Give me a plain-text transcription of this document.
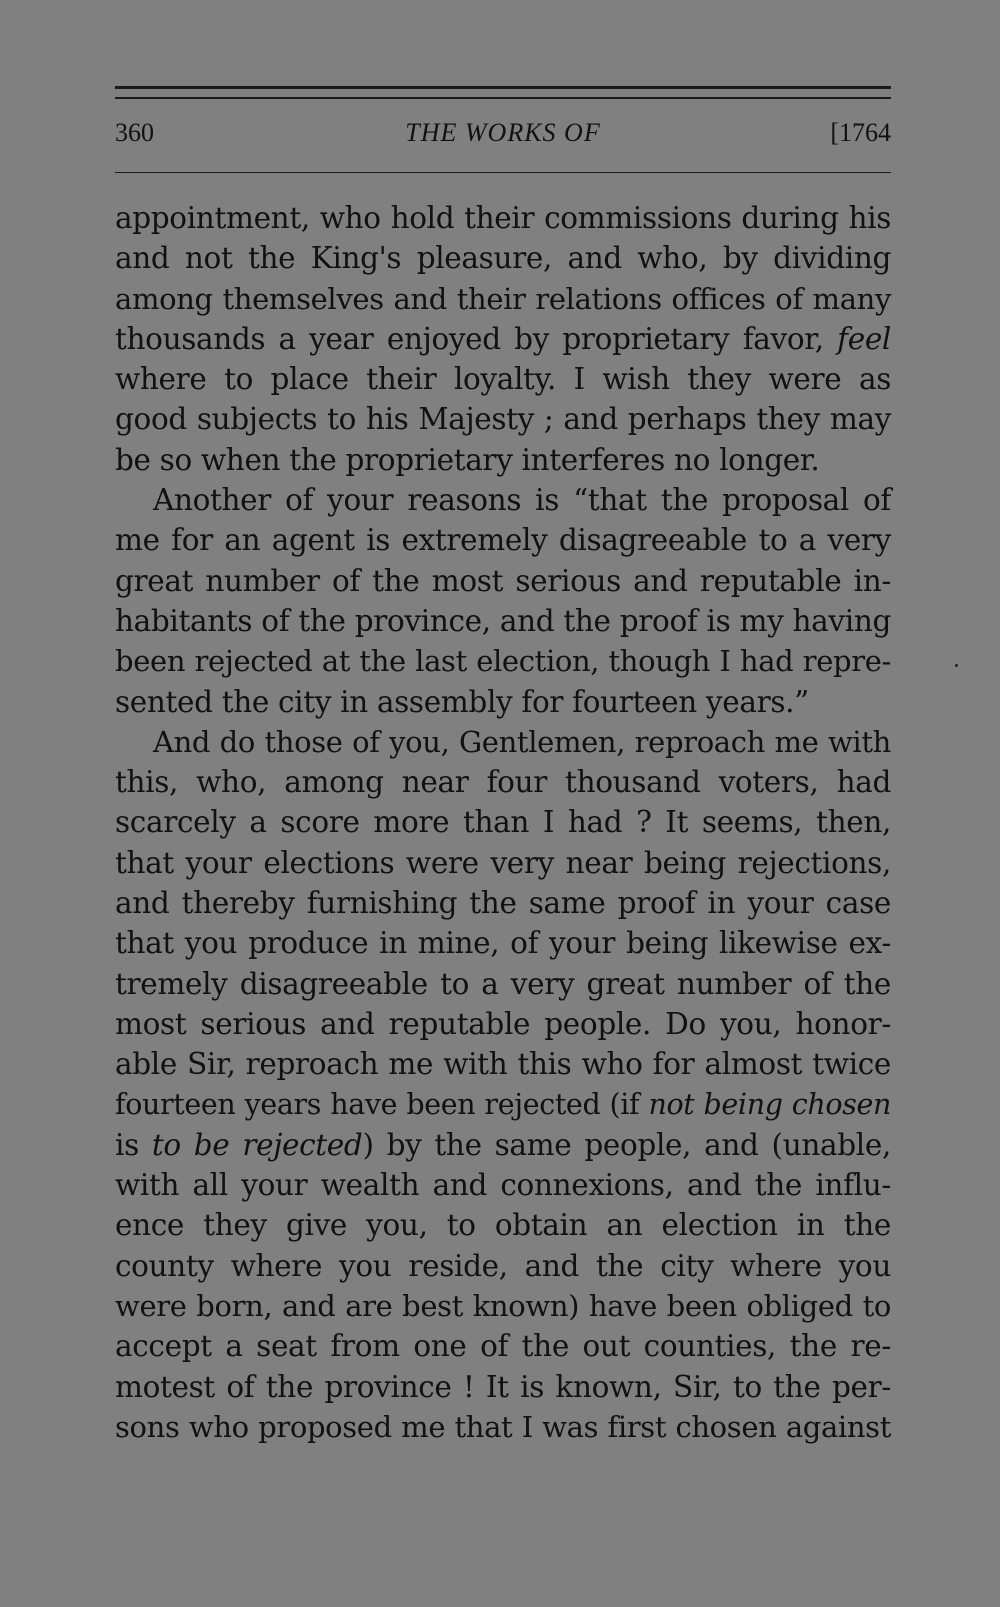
360	THE WORKS OF	[1764
appointment, who hold their commissions during his
and not the King's pleasure, and who, by dividing
among themselves and their relations offices of many
thousands a year enjoyed by proprietary favor, feel
where to place their loyalty. I wish they were as
good subjects to his Majesty ; and perhaps they may
be so when the proprietary interferes no longer.
Another of your reasons is “that the proposal of
me for an agent is extremely disagreeable to a very
great number of the most serious and reputable in-
habitants of the province, and the proof is my having
been rejected at the last election, though I had repre-
sented the city in assembly for fourteen years.”
And do those of you, Gentlemen, reproach me with
this, who, among near four thousand voters, had
scarcely a score more than I had ? It seems, then,
that your elections were very near being rejections,
and thereby furnishing the same proof in your case
that you produce in mine, of your being likewise ex-
tremely disagreeable to a very great number of the
most serious and reputable people. Do you, honor-
able Sir, reproach me with this who for almost twice
fourteen years have been rejected (if not being chosen
is to be rejected) by the same people, and (unable,
with all your wealth and connexions, and the influ-
ence they give you, to obtain an election in the
county where you reside, and the city where you
were born, and are best known) have been obliged to
accept a seat from one of the out counties, the re-
motest of the province ! It is known, Sir, to the per-
sons who proposed me that I was first chosen against
